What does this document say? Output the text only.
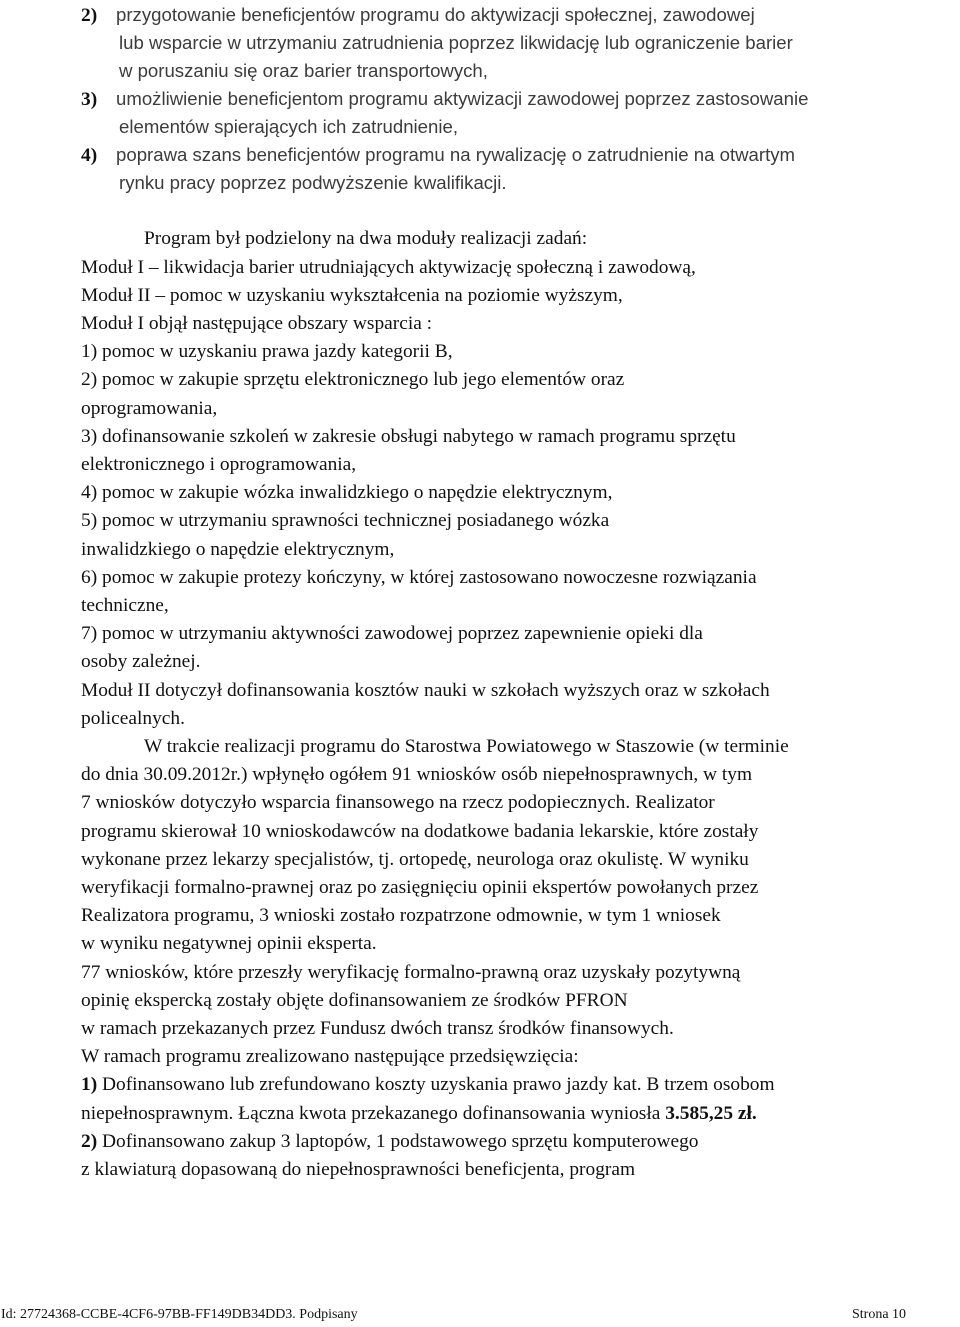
2) przygotowanie beneficjentów programu do aktywizacji społecznej, zawodowej
lub wsparcie w utrzymaniu zatrudnienia poprzez likwidację lub ograniczenie barier
w poruszaniu się oraz barier transportowych,
3) umożliwienie beneficjentom programu aktywizacji zawodowej poprzez zastosowanie
elementów spierających ich zatrudnienie,
4) poprawa szans beneficjentów programu na rywalizację o zatrudnienie na otwartym
rynku pracy poprzez podwyższenie kwalifikacji.
Program był podzielony na dwa moduły realizacji zadań:
Moduł I – likwidacja barier utrudniających aktywizację społeczną i zawodową,
Moduł II – pomoc w uzyskaniu wykształcenia na poziomie wyższym,
Moduł I objął następujące obszary wsparcia :
1) pomoc w uzyskaniu prawa jazdy kategorii B,
2) pomoc w zakupie sprzętu elektronicznego lub jego elementów oraz
oprogramowania,
3) dofinansowanie szkoleń w zakresie obsługi nabytego w ramach programu sprzętu
elektronicznego i oprogramowania,
4) pomoc w zakupie wózka inwalidzkiego o napędzie elektrycznym,
5) pomoc w utrzymaniu sprawności technicznej posiadanego wózka
inwalidzkiego o napędzie elektrycznym,
6) pomoc w zakupie protezy kończyny, w której zastosowano nowoczesne rozwiązania
techniczne,
7) pomoc w utrzymaniu aktywności zawodowej poprzez zapewnienie opieki dla
osoby zależnej.
Moduł II dotyczył dofinansowania kosztów nauki w szkołach wyższych oraz w szkołach
policealnych.
W trakcie realizacji programu do Starostwa Powiatowego w Staszowie (w terminie
do dnia 30.09.2012r.) wpłynęło ogółem 91 wniosków osób niepełnosprawnych, w tym
7 wniosków dotyczyło wsparcia finansowego na rzecz podopiecznych. Realizator
programu skierował 10 wnioskodawców na dodatkowe badania lekarskie, które zostały
wykonane przez lekarzy specjalistów, tj. ortopedę, neurologa oraz okulistę. W wyniku
weryfikacji formalno-prawnej oraz po zasięgnięciu opinii ekspertów powołanych przez
Realizatora programu, 3 wnioski zostało rozpatrzone odmownie, w tym 1 wniosek
w wyniku negatywnej opinii eksperta.
77 wniosków, które przeszły weryfikację formalno-prawną oraz uzyskały pozytywną
opinię ekspercką zostały objęte dofinansowaniem ze środków PFRON
w ramach przekazanych przez Fundusz dwóch transz środków finansowych.
W ramach programu zrealizowano następujące przedsięwzięcia:
1) Dofinansowano lub zrefundowano koszty uzyskania prawo jazdy kat. B trzem osobom
niepełnosprawnym. Łączna kwota przekazanego dofinansowania wyniosła 3.585,25 zł.
2) Dofinansowano zakup 3 laptopów, 1 podstawowego sprzętu komputerowego
z klawiaturą dopasowaną do niepełnosprawności beneficjenta, program
Id: 27724368-CCBE-4CF6-97BB-FF149DB34DD3. Podpisany	Strona 10
